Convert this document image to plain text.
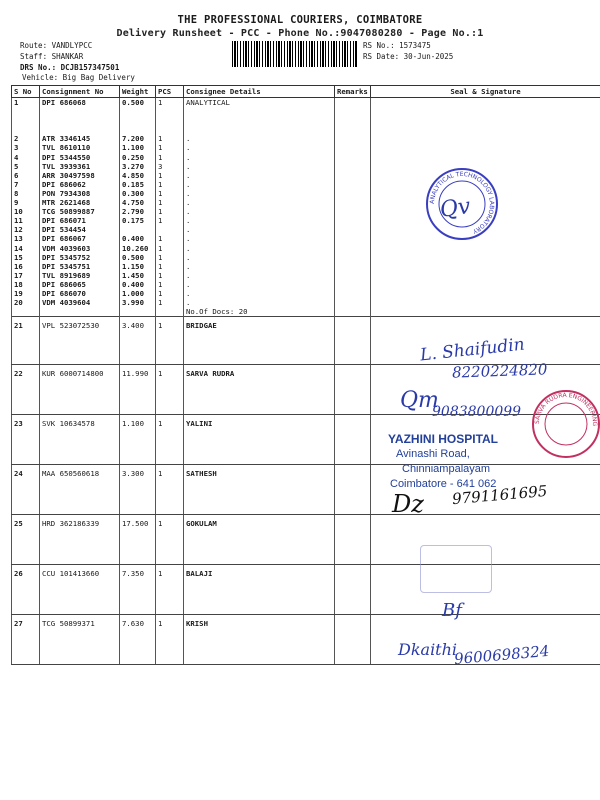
THE PROFESSIONAL COURIERS, COIMBATORE
Delivery Runsheet - PCC - Phone No.:9047080280 - Page No.:1
Route: VANDLYPCC
Staff: SHANKAR
DRS No.: DCJB157347501
Vehicle: Big Bag Delivery
RS No.: 1573475
RS Date: 30-Jun-2025
S No	Consignment No	Weight	PCS	Consignee Details	Remarks	Seal & Signature
1	DPI 686068	0.500	1	ANALYTICAL		

2	ATR 3346145	7.200	1	.		
3	TVL 8610110	1.100	1	.		
4	DPI 5344550	0.250	1	.		
5	TVL 3939361	3.270	3	.		
6	ARR 30497598	4.850	1	.		
7	DPI 686062	0.185	1	.		
8	PON 7934308	0.300	1	.		
9	MTR 2621468	4.750	1	.		
10	TCG 50899887	2.790	1	.		
11	DPI 686071	0.175	1	.		
12	DPI 534454			.		
13	DPI 686067	0.400	1	.		
14	VDM 4039603	10.260	1	.		
15	DPI 5345752	0.500	1	.		
16	DPI 5345751	1.150	1	.		
17	TVL 8919689	1.450	1	.		
18	DPI 686065	0.400	1	.		
19	DPI 686070	1.000	1	.		
20	VDM 4039604	3.990	1	.		
				No.Of Docs: 20		
21	VPL 523072530	3.400	1	BRIDGAE		
22	KUR 6000714800	11.990	1	SARVA RUDRA		
23	SVK 10634578	1.100	1	YALINI		
24	MAA 650560618	3.300	1	SATHESH		
25	HRD 362186339	17.500	1	GOKULAM		
26	CCU 101413660	7.350	1	BALAJI		
27	TCG 50899371	7.630	1	KRISH		
ANALYTICAL TECHNOLOGY LABORATORY
Qv
L. Shaifudin
8220224820
Qm
9083800099
SARVA RUDRA ENGINEERING
YAZHINI HOSPITAL
Avinashi Road,
Chinniampalayam
Coimbatore - 641 062
Dz 9791161695
Bf
Dkaithi
9600698324
